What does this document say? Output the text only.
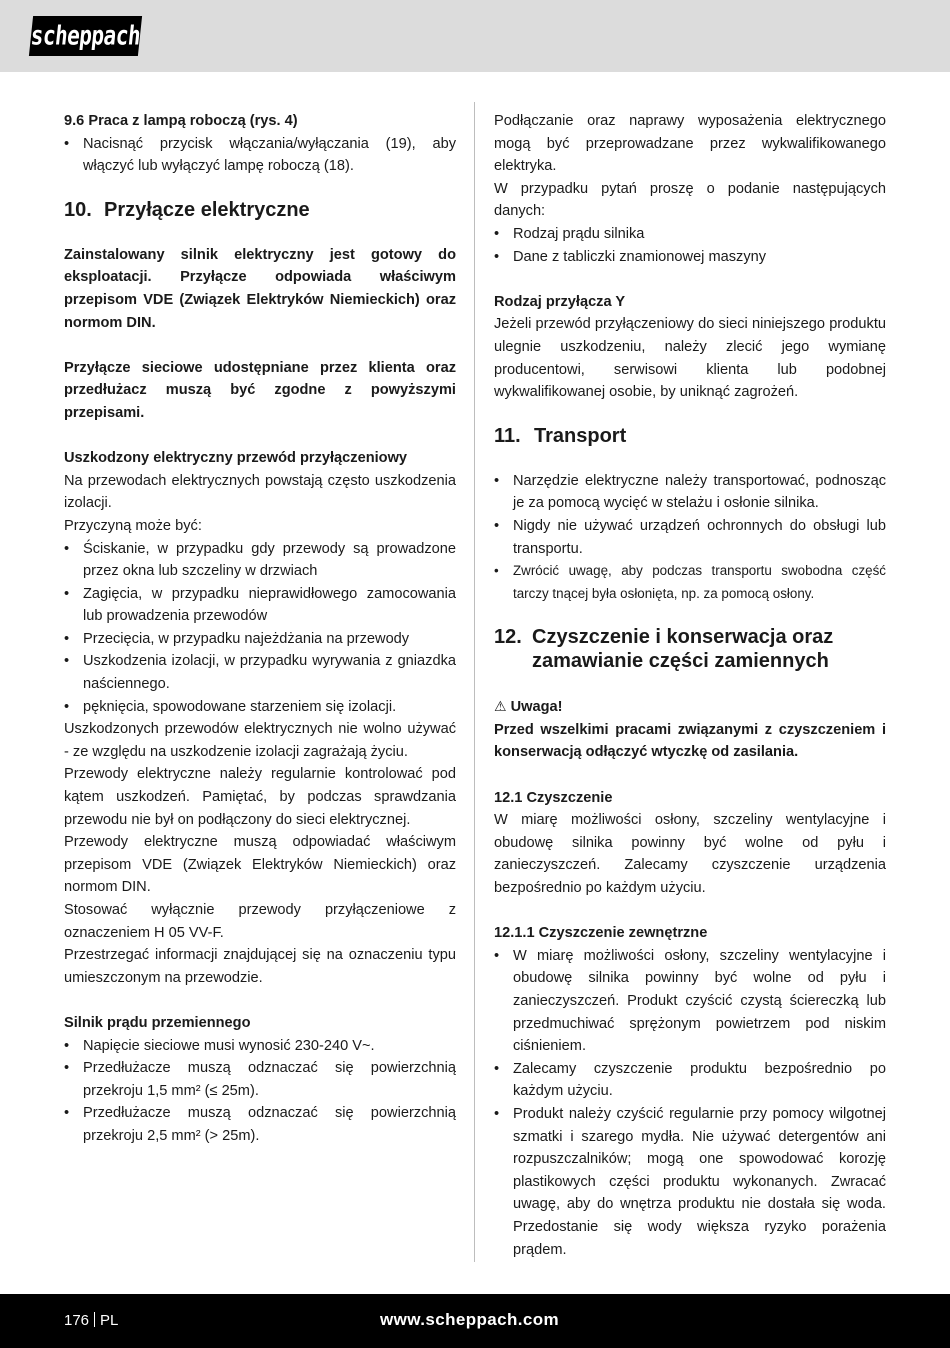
scheppach

9.6 Praca z lampą roboczą (rys. 4)

• Nacisnąć przycisk włączania/wyłączania (19), aby włączyć lub wyłączyć lampę roboczą (18).
10. Przyłącze elektryczne

Zainstalowany silnik elektryczny jest gotowy do eksploatacji. Przyłącze odpowiada właściwym przepisom VDE (Związek Elektryków Niemieckich) oraz normom DIN.

Przyłącze sieciowe udostępniane przez klienta oraz przedłużacz muszą być zgodne z powyższymi przepisami.

Uszkodzony elektryczny przewód przyłączeniowy

Na przewodach elektrycznych powstają często uszkodzenia izolacji.

Przyczyną może być:

• Ściskanie, w przypadku gdy przewody są prowadzone przez okna lub szczeliny w drzwiach
• Zagięcia, w przypadku nieprawidłowego zamocowania lub prowadzenia przewodów
• Przecięcia, w przypadku najeżdżania na przewody
• Uszkodzenia izolacji, w przypadku wyrywania z gniazdka naściennego.
• pęknięcia, spowodowane starzeniem się izolacji.

Uszkodzonych przewodów elektrycznych nie wolno używać - ze względu na uszkodzenie izolacji zagrażają życiu.

Przewody elektryczne należy regularnie kontrolować pod kątem uszkodzeń. Pamiętać, by podczas sprawdzania przewodu nie był on podłączony do sieci elektrycznej.

Przewody elektryczne muszą odpowiadać właściwym przepisom VDE (Związek Elektryków Niemieckich) oraz normom DIN.

Stosować wyłącznie przewody przyłączeniowe z oznaczeniem H 05 VV-F.

Przestrzegać informacji znajdującej się na oznaczeniu typu umieszczonym na przewodzie.

Silnik prądu przemiennego

• Napięcie sieciowe musi wynosić 230-240 V~.
• Przedłużacze muszą odznaczać się powierzchnią przekroju 1,5 mm² (≤ 25m).
• Przedłużacze muszą odznaczać się powierzchnią przekroju 2,5 mm² (> 25m).

Podłączanie oraz naprawy wyposażenia elektrycznego mogą być przeprowadzane przez wykwalifikowanego elektryka.

W przypadku pytań proszę o podanie następujących danych:

• Rodzaj prądu silnika
• Dane z tabliczki znamionowej maszyny

Rodzaj przyłącza Y

Jeżeli przewód przyłączeniowy do sieci niniejszego produktu ulegnie uszkodzeniu, należy zlecić jego wymianę producentowi, serwisowi klienta lub podobnej wykwalifikowanej osobie, by uniknąć zagrożeń.

11. Transport
• Narzędzie elektryczne należy transportować, podnosząc je za pomocą wycięć w stelażu i osłonie silnika.
• Nigdy nie używać urządzeń ochronnych do obsługi lub transportu.
• Zwrócić uwagę, aby podczas transportu swobodna część tarczy tnącej była osłonięta, np. za pomocą osłony.
12. Czyszczenie i konserwacja oraz zamawianie części zamiennych

⚠ Uwaga!

Przed wszelkimi pracami związanymi z czyszczeniem i konserwacją odłączyć wtyczkę od zasilania.

12.1 Czyszczenie

W miarę możliwości osłony, szczeliny wentylacyjne i obudowę silnika powinny być wolne od pyłu i zanieczyszczeń. Zalecamy czyszczenie urządzenia bezpośrednio po każdym użyciu.

12.1.1 Czyszczenie zewnętrzne

• W miarę możliwości osłony, szczeliny wentylacyjne i obudowę silnika powinny być wolne od pyłu i zanieczyszczeń. Produkt czyścić czystą ściereczką lub przedmuchiwać sprężonym powietrzem pod niskim ciśnieniem.
• Zalecamy czyszczenie produktu bezpośrednio po każdym użyciu.
• Produkt należy czyścić regularnie przy pomocy wilgotnej szmatki i szarego mydła. Nie używać detergentów ani rozpuszczalników; mogą one spowodować korozję plastikowych części produktu wykonanych. Zwracać uwagę, aby do wnętrza produktu nie dostała się woda. Przedostanie się wody większa ryzyko porażenia prądem.
176 PL	www.scheppach.com
